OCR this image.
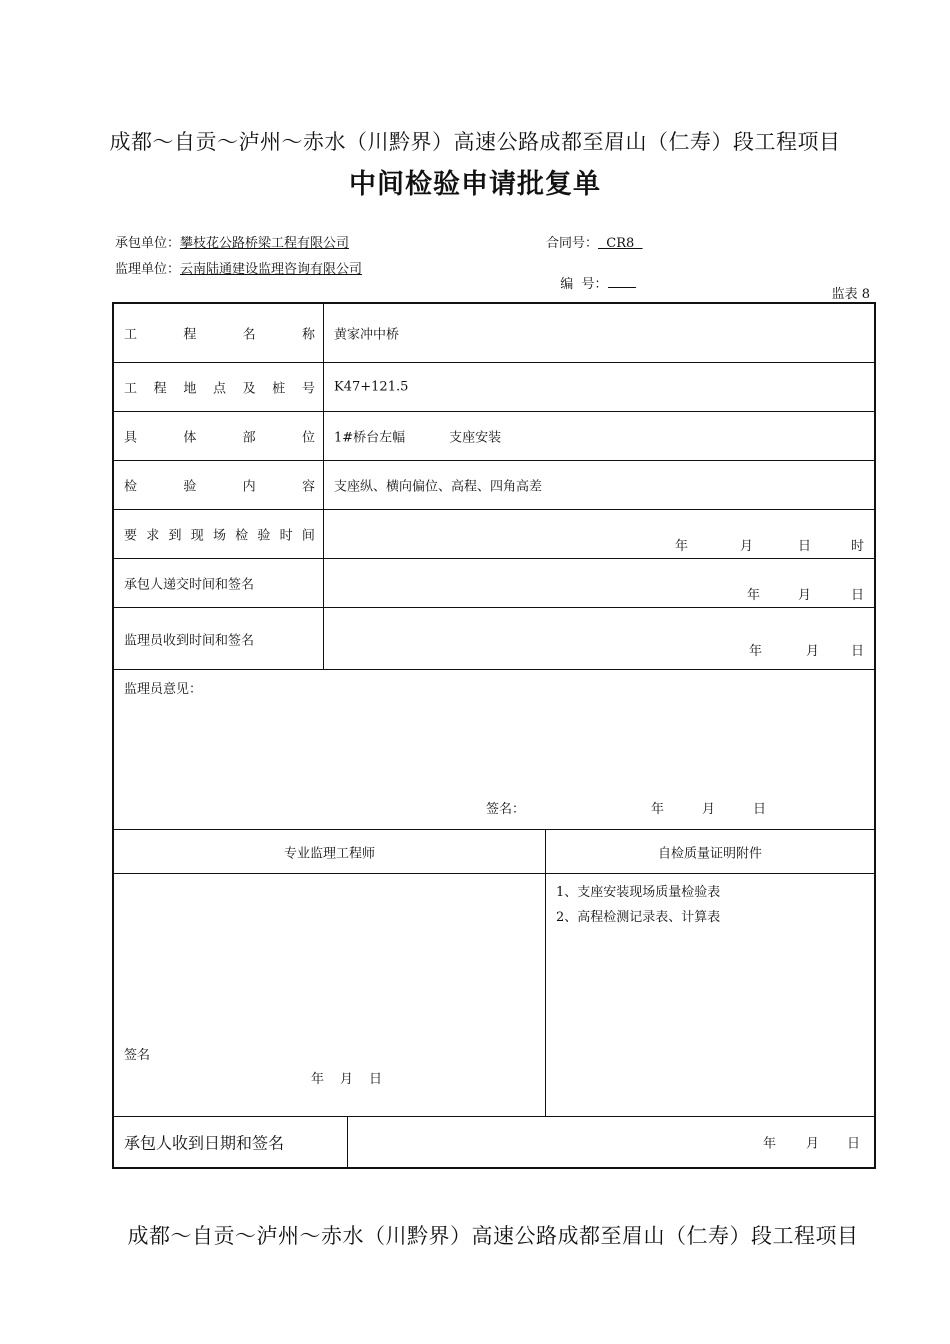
成都～自贡～泸州～赤水（川黔界）高速公路成都至眉山（仁寿）段工程项目
中间检验申请批复单
承包单位：攀枝花公路桥梁工程有限公司	合同号：  CR8
监理单位：云南陆通建设监理咨询有限公司

编  号：

监表 8
工	程	名	称 黄家冲中桥
工 程 地 点 及 桩 号 K47+121.5
具	体	部	位 1#桥台左幅	支座安装
检	验	内	容 支座纵、横向偏位、高程、四角高差
要 求 到 现 场 检 验 时 间
年	月	日	时
承包人递交时间和签名
年	月	日
监理员收到时间和签名
年	月 日
监理员意见：
签名：	年	月	日
专业监理工程师	自检质量证明附件
签名
年 月 日
1、支座安装现场质量检验表
2、高程检测记录表、计算表
承包人收到日期和签名	年 月 日
成都～自贡～泸州～赤水（川黔界）高速公路成都至眉山（仁寿）段工程项目
